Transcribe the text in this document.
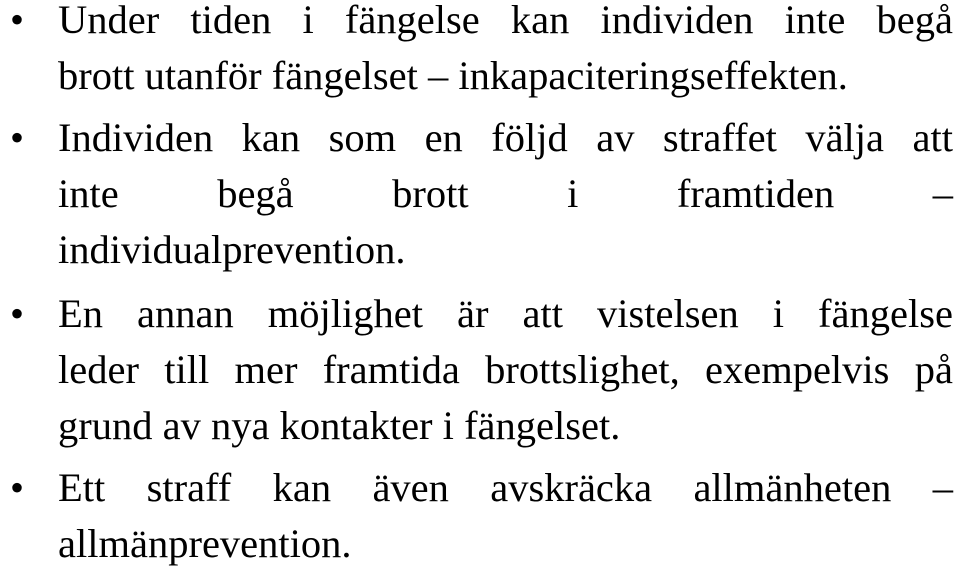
• Under tiden i fängelse kan individen inte begå
brott utanför fängelset – inkapaciteringseffekten.
• Individen kan som en följd av straffet välja att
inte begå brott i framtiden –
individualprevention.
• En annan möjlighet är att vistelsen i fängelse
leder till mer framtida brottslighet, exempelvis på
grund av nya kontakter i fängelset.
• Ett straff kan även avskräcka allmänheten –
allmänprevention.
